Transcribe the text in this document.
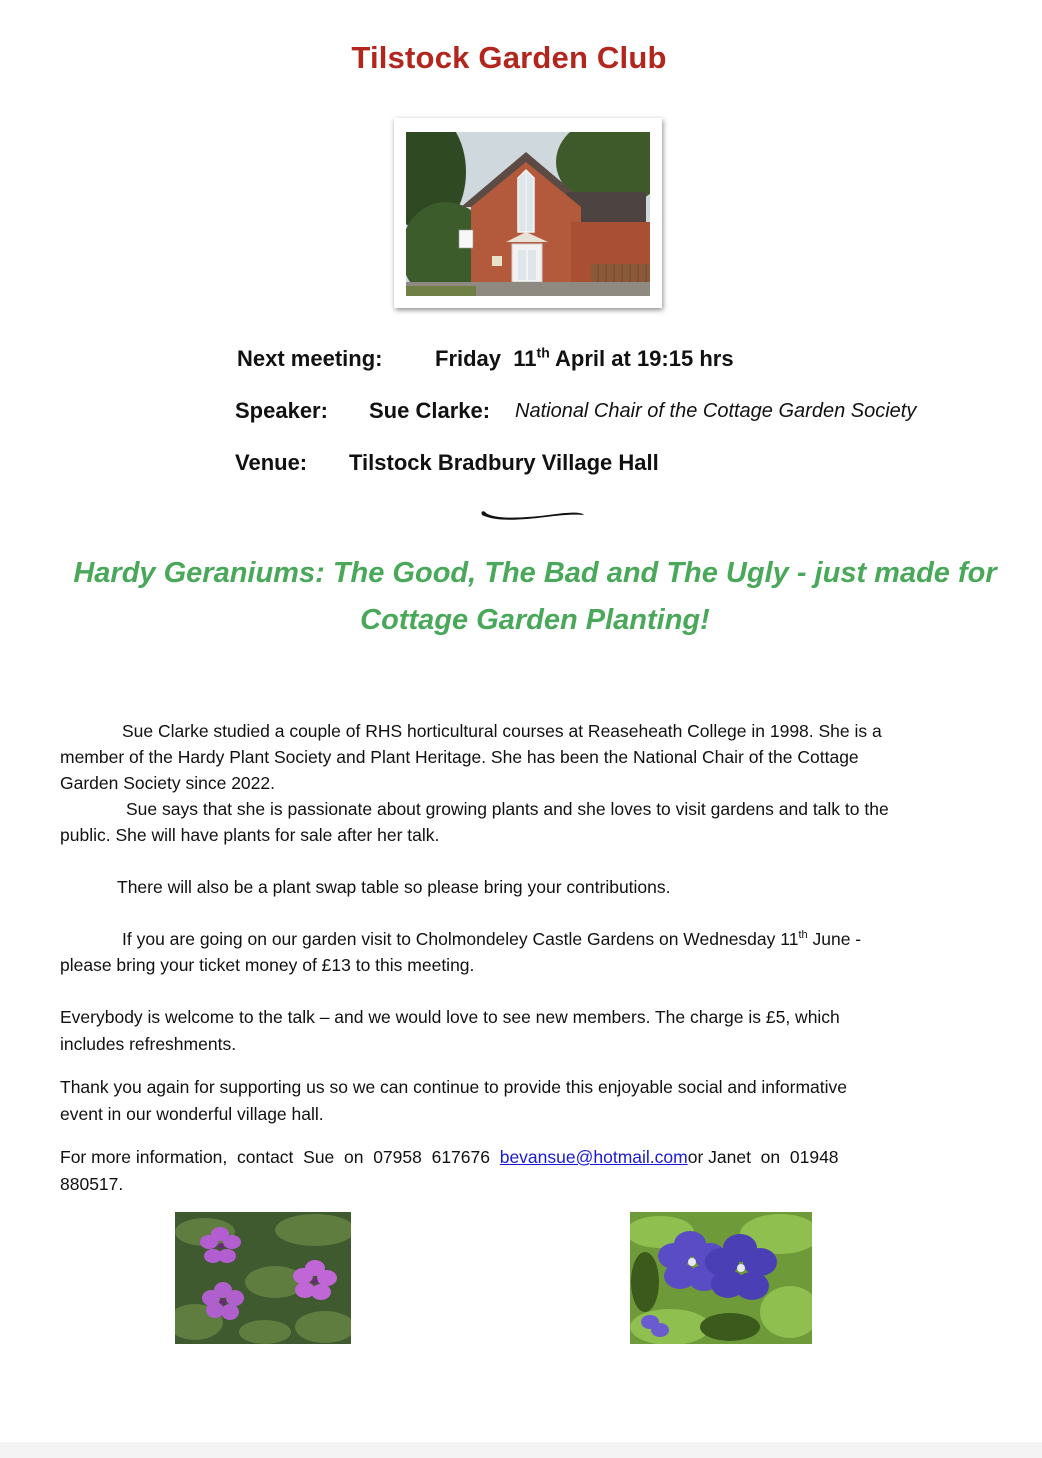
Tilstock Garden Club
Next meeting: Friday 11th April at 19:15 hrs
Speaker: Sue Clarke: National Chair of the Cottage Garden Society
Venue: Tilstock Bradbury Village Hall
Hardy Geraniums: The Good, The Bad and The Ugly - just made for
Cottage Garden Planting!
Sue Clarke studied a couple of RHS horticultural courses at Reaseheath College in 1998. She is a
member of the Hardy Plant Society and Plant Heritage. She has been the National Chair of the Cottage
Garden Society since 2022.
Sue says that she is passionate about growing plants and she loves to visit gardens and talk to the
public. She will have plants for sale after her talk.
There will also be a plant swap table so please bring your contributions.
If you are going on our garden visit to Cholmondeley Castle Gardens on Wednesday 11th June -
please bring your ticket money of £13 to this meeting.
Everybody is welcome to the talk – and we would love to see new members. The charge is £5, which
includes refreshments.
Thank you again for supporting us so we can continue to provide this enjoyable social and informative
event in our wonderful village hall.
For more information,  contact  Sue  on  07958  617676  bevansue@hotmail.comor Janet  on  01948
880517.
